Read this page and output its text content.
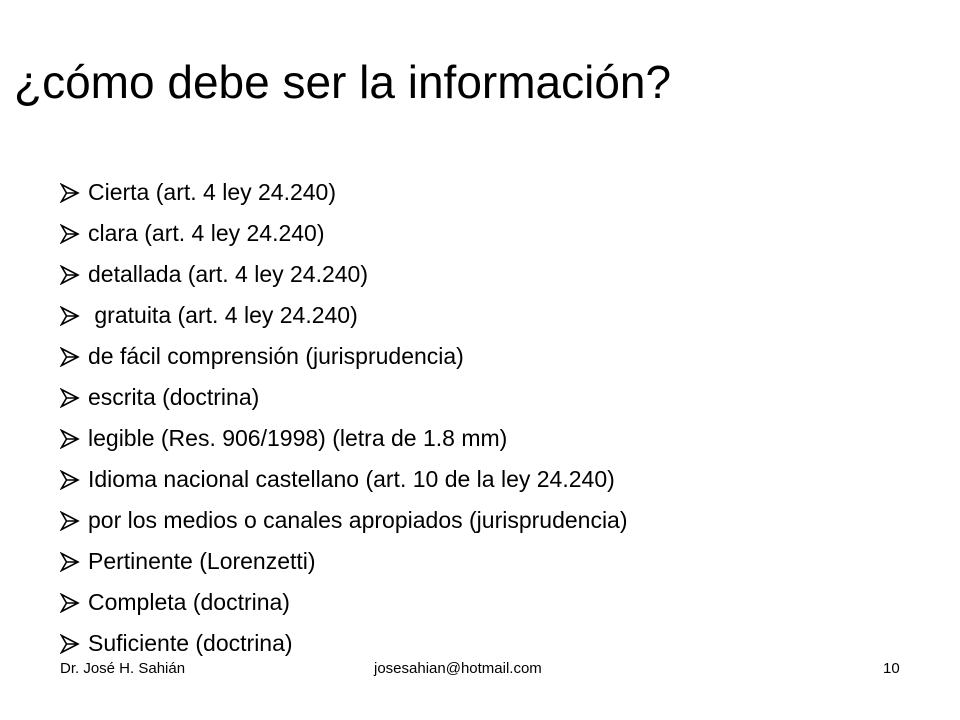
¿cómo debe ser la información?
Cierta (art. 4 ley 24.240)
clara (art. 4 ley 24.240)
detallada (art. 4 ley 24.240)
gratuita (art. 4 ley 24.240)
de fácil comprensión (jurisprudencia)
escrita (doctrina)
legible (Res. 906/1998) (letra de 1.8 mm)
Idioma nacional castellano (art. 10 de la ley 24.240)
por los medios o canales apropiados (jurisprudencia)
Pertinente (Lorenzetti)
Completa (doctrina)
Suficiente (doctrina)
Dr. José H. Sahián	josesahian@hotmail.com	10
